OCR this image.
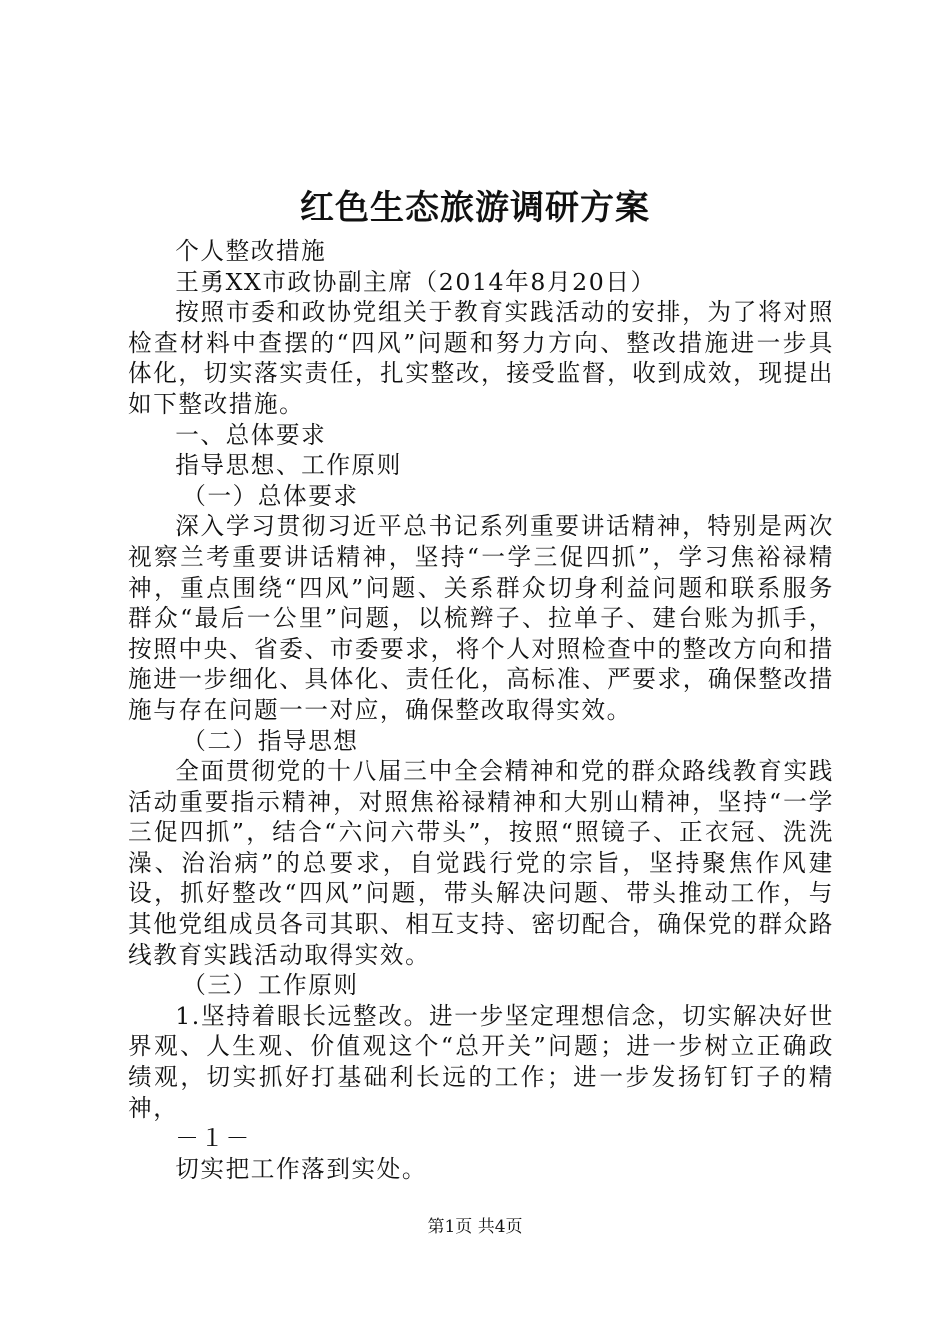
红色生态旅游调研方案

个人整改措施

王勇XX市政协副主席（2014年8月20日）

按照市委和政协党组关于教育实践活动的安排，为了将对照检查材料中查摆的“四风”问题和努力方向、整改措施进一步具体化，切实落实责任，扎实整改，接受监督，收到成效，现提出如下整改措施。

一、总体要求

指导思想、工作原则

（一）总体要求

深入学习贯彻习近平总书记系列重要讲话精神，特别是两次视察兰考重要讲话精神，坚持“一学三促四抓”，学习焦裕禄精神，重点围绕“四风”问题、关系群众切身利益问题和联系服务群众“最后一公里”问题，以梳辫子、拉单子、建台账为抓手，按照中央、省委、市委要求，将个人对照检查中的整改方向和措施进一步细化、具体化、责任化，高标准、严要求，确保整改措施与存在问题一一对应，确保整改取得实效。

（二）指导思想

全面贯彻党的十八届三中全会精神和党的群众路线教育实践活动重要指示精神，对照焦裕禄精神和大别山精神，坚持“一学三促四抓”，结合“六问六带头”，按照“照镜子、正衣冠、洗洗澡、治治病”的总要求，自觉践行党的宗旨，坚持聚焦作风建设，抓好整改“四风”问题，带头解决问题、带头推动工作，与其他党组成员各司其职、相互支持、密切配合，确保党的群众路线教育实践活动取得实效。

（三）工作原则

1.坚持着眼长远整改。进一步坚定理想信念，切实解决好世界观、人生观、价值观这个“总开关”问题；进一步树立正确政绩观，切实抓好打基础利长远的工作；进一步发扬钉钉子的精神，

－１－

切实把工作落到实处。

第1页 共4页
